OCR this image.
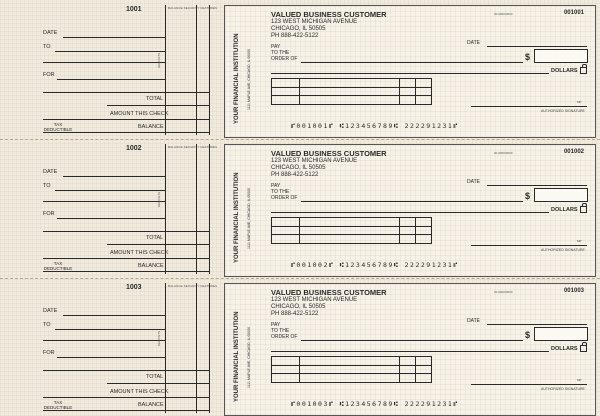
1001	BALANCE SECURITY FEATURES
DATE
TO
FOR
DEPOSITS
TOTAL
AMOUNT THIS CHECK
TAX
DEDUCTIBLE	BALANCE
YOUR FINANCIAL INSTITUTION 1111 MAPLE AVE, CHICAGO, IL 00000
VALUED BUSINESS CUSTOMER
123 WEST MICHIGAN AVENUE
CHICAGO, IL 50505
PH 888-422-5122
00-0000/0000	001001
DATE
PAY
TO THE
ORDER OF	$
DOLLARS
MP
AUTHORIZED SIGNATURE
⑈001001⑈ ⑆123456789⑆ 222291231⑈
1002	BALANCE SECURITY FEATURES
DATE
TO
FOR
DEPOSITS
TOTAL
AMOUNT THIS CHECK
TAX
DEDUCTIBLE	BALANCE
YOUR FINANCIAL INSTITUTION 1111 MAPLE AVE, CHICAGO, IL 00000
VALUED BUSINESS CUSTOMER
123 WEST MICHIGAN AVENUE
CHICAGO, IL 50505
PH 888-422-5122
00-0000/0000	001002
DATE
PAY
TO THE
ORDER OF	$
DOLLARS
MP
AUTHORIZED SIGNATURE
⑈001002⑈ ⑆123456789⑆ 222291231⑈
1003	BALANCE SECURITY FEATURES
DATE
TO
FOR
DEPOSITS
TOTAL
AMOUNT THIS CHECK
TAX
DEDUCTIBLE	BALANCE
YOUR FINANCIAL INSTITUTION 1111 MAPLE AVE, CHICAGO, IL 00000
VALUED BUSINESS CUSTOMER
123 WEST MICHIGAN AVENUE
CHICAGO, IL 50505
PH 888-422-5122
00-0000/0000	001003
DATE
PAY
TO THE
ORDER OF	$
DOLLARS
MP
AUTHORIZED SIGNATURE
⑈001003⑈ ⑆123456789⑆ 222291231⑈
